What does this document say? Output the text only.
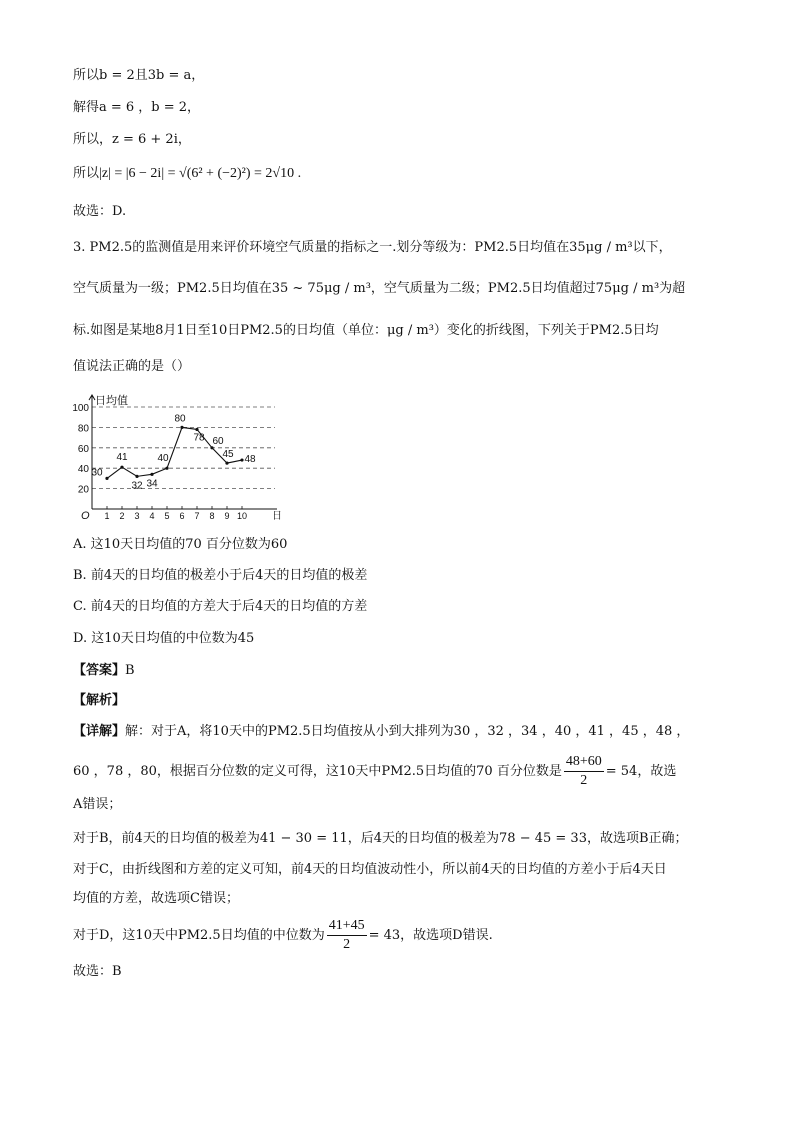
所以b = 2且3b = a，
解得a = 6 ，b = 2，
所以，z = 6 + 2i，
所以|z| = |6 − 2i| = √(6² + (−2)²) = 2√10 .
故选：D.
3. PM2.5的监测值是用来评价环境空气质量的指标之一.划分等级为：PM2.5日均值在35μg / m³以下，
空气质量为一级；PM2.5日均值在35 ~ 75μg / m³，空气质量为二级；PM2.5日均值超过75μg / m³为超
标.如图是某地8月1日至10日PM2.5的日均值（单位：μg / m³）变化的折线图，下列关于PM2.5日均
值说法正确的是（）
20
40
60
80
100
日均值
日
O 1 2 3 4 5 6 7 8 9 10
30
41
32 34
40
80
78 60
45 48
A. 这10天日均值的70 百分位数为60
B. 前4天的日均值的极差小于后4天的日均值的极差
C. 前4天的日均值的方差大于后4天的日均值的方差
D. 这10天日均值的中位数为45
【答案】B
【解析】
【详解】解：对于A，将10天中的PM2.5日均值按从小到大排列为30 ，32 ，34 ，40 ，41 ，45 ，48 ，
60 ，78 ，80，根据百分位数的定义可得，这10天中PM2.5日均值的70 百分位数是 $\frac{48+60}{2} = 54$，故选
A错误；
对于B，前4天的日均值的极差为41 − 30 = 11，后4天的日均值的极差为78 − 45 = 33，故选项B正确；
对于C，由折线图和方差的定义可知，前4天的日均值波动性小，所以前4天的日均值的方差小于后4天日
均值的方差，故选项C错误；
对于D，这10天中PM2.5日均值的中位数为 $\frac{41+45}{2} = 43$，故选项D错误.
故选：B
